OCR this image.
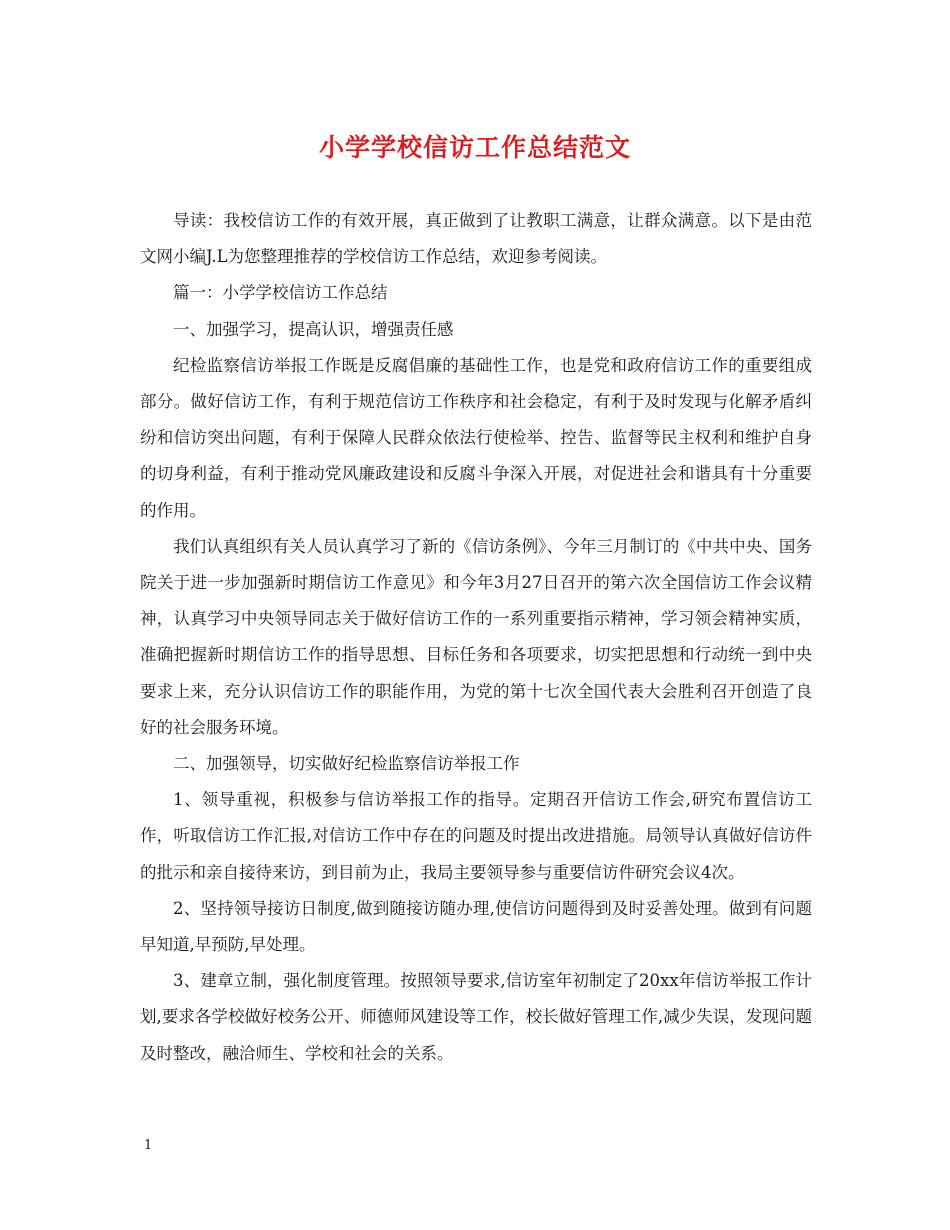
小学学校信访工作总结范文

导读：我校信访工作的有效开展，真正做到了让教职工满意，让群众满意。以下是由范文网小编J.L为您整理推荐的学校信访工作总结，欢迎参考阅读。

篇一：小学学校信访工作总结

一、加强学习，提高认识，增强责任感

纪检监察信访举报工作既是反腐倡廉的基础性工作，也是党和政府信访工作的重要组成部分。做好信访工作，有利于规范信访工作秩序和社会稳定，有利于及时发现与化解矛盾纠纷和信访突出问题，有利于保障人民群众依法行使检举、控告、监督等民主权利和维护自身的切身利益，有利于推动党风廉政建设和反腐斗争深入开展，对促进社会和谐具有十分重要的作用。

我们认真组织有关人员认真学习了新的《信访条例》、今年三月制订的《中共中央、国务院关于进一步加强新时期信访工作意见》和今年3月27日召开的第六次全国信访工作会议精神，认真学习中央领导同志关于做好信访工作的一系列重要指示精神，学习领会精神实质，准确把握新时期信访工作的指导思想、目标任务和各项要求，切实把思想和行动统一到中央要求上来，充分认识信访工作的职能作用，为党的第十七次全国代表大会胜利召开创造了良好的社会服务环境。

二、加强领导，切实做好纪检监察信访举报工作

1、领导重视，积极参与信访举报工作的指导。定期召开信访工作会,研究布置信访工作，听取信访工作汇报,对信访工作中存在的问题及时提出改进措施。局领导认真做好信访件的批示和亲自接待来访，到目前为止，我局主要领导参与重要信访件研究会议4次。

2、坚持领导接访日制度,做到随接访随办理,使信访问题得到及时妥善处理。做到有问题早知道,早预防,早处理。

3、建章立制，强化制度管理。按照领导要求,信访室年初制定了20xx年信访举报工作计划,要求各学校做好校务公开、师德师风建设等工作，校长做好管理工作,减少失误，发现问题及时整改，融洽师生、学校和社会的关系。

1
